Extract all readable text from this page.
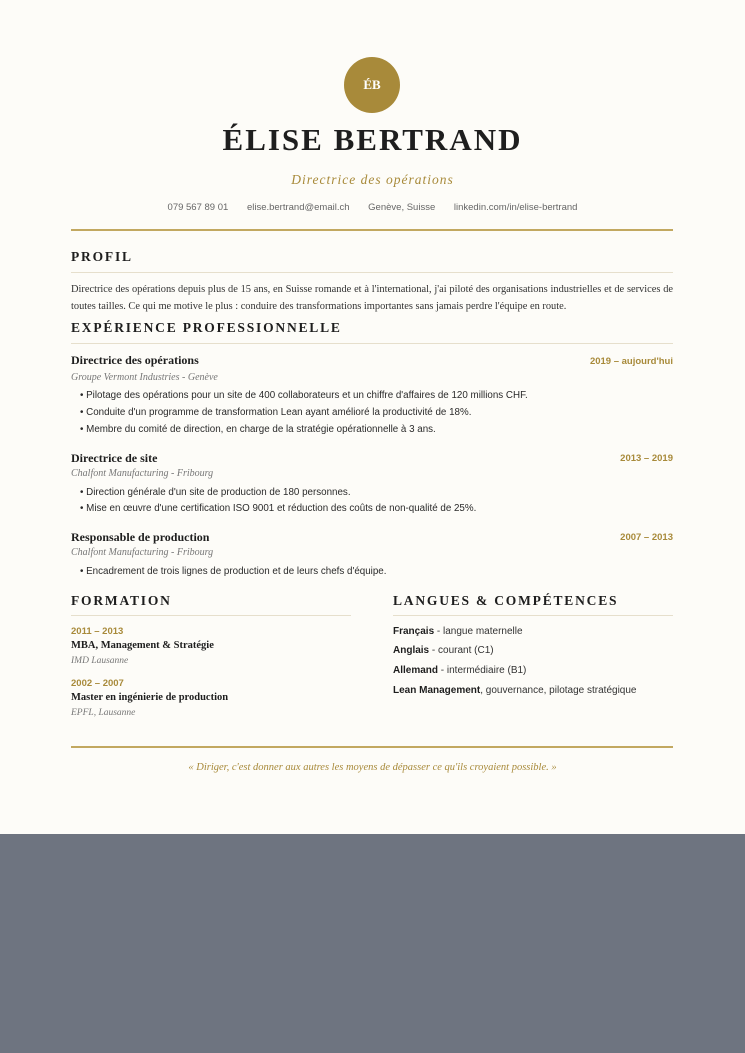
ÉB
ÉLISE BERTRAND
Directrice des opérations
079 567 89 01 elise.bertrand@email.ch Genève, Suisse linkedin.com/in/elise-bertrand
PROFIL
Directrice des opérations depuis plus de 15 ans, en Suisse romande et à l'international, j'ai piloté des organisations industrielles et de services de toutes tailles. Ce qui me motive le plus : conduire des transformations importantes sans jamais perdre l'équipe en route.
EXPÉRIENCE PROFESSIONNELLE
Directrice des opérations	2019 – aujourd'hui
Groupe Vermont Industries - Genève
• Pilotage des opérations pour un site de 400 collaborateurs et un chiffre d'affaires de 120 millions CHF.
• Conduite d'un programme de transformation Lean ayant amélioré la productivité de 18%.
• Membre du comité de direction, en charge de la stratégie opérationnelle à 3 ans.
Directrice de site	2013 – 2019
Chalfont Manufacturing - Fribourg
• Direction générale d'un site de production de 180 personnes.
• Mise en œuvre d'une certification ISO 9001 et réduction des coûts de non-qualité de 25%.
Responsable de production	2007 – 2013
Chalfont Manufacturing - Fribourg
• Encadrement de trois lignes de production et de leurs chefs d'équipe.
FORMATION
2011 – 2013
MBA, Management & Stratégie
IMD Lausanne
2002 – 2007
Master en ingénierie de production
EPFL, Lausanne
LANGUES & COMPÉTENCES
Français - langue maternelle
Anglais - courant (C1)
Allemand - intermédiaire (B1)
Lean Management, gouvernance, pilotage stratégique
« Diriger, c'est donner aux autres les moyens de dépasser ce qu'ils croyaient possible. »
